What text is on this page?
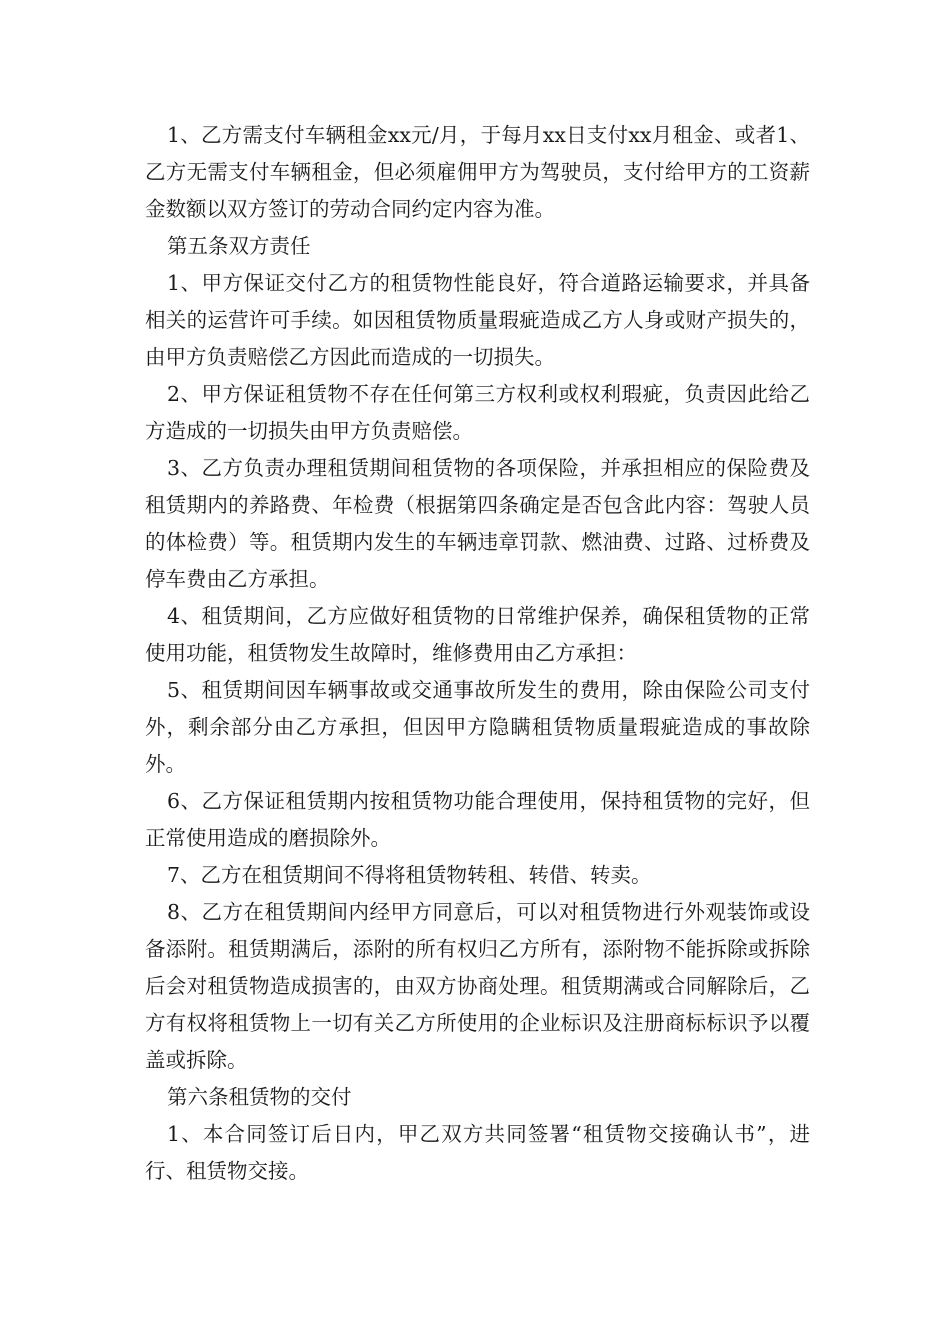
1、乙方需支付车辆租金xx元/月，于每月xx日支付xx月租金、或者1、乙方无需支付车辆租金，但必须雇佣甲方为驾驶员，支付给甲方的工资薪金数额以双方签订的劳动合同约定内容为准。

第五条双方责任

1、甲方保证交付乙方的租赁物性能良好，符合道路运输要求，并具备相关的运营许可手续。如因租赁物质量瑕疵造成乙方人身或财产损失的，由甲方负责赔偿乙方因此而造成的一切损失。

2、甲方保证租赁物不存在任何第三方权利或权利瑕疵，负责因此给乙方造成的一切损失由甲方负责赔偿。

3、乙方负责办理租赁期间租赁物的各项保险，并承担相应的保险费及租赁期内的养路费、年检费（根据第四条确定是否包含此内容：驾驶人员的体检费）等。租赁期内发生的车辆违章罚款、燃油费、过路、过桥费及停车费由乙方承担。

4、租赁期间，乙方应做好租赁物的日常维护保养，确保租赁物的正常使用功能，租赁物发生故障时，维修费用由乙方承担：

5、租赁期间因车辆事故或交通事故所发生的费用，除由保险公司支付外，剩余部分由乙方承担，但因甲方隐瞒租赁物质量瑕疵造成的事故除外。

6、乙方保证租赁期内按租赁物功能合理使用，保持租赁物的完好，但正常使用造成的磨损除外。

7、乙方在租赁期间不得将租赁物转租、转借、转卖。

8、乙方在租赁期间内经甲方同意后，可以对租赁物进行外观装饰或设备添附。租赁期满后，添附的所有权归乙方所有，添附物不能拆除或拆除后会对租赁物造成损害的，由双方协商处理。租赁期满或合同解除后，乙方有权将租赁物上一切有关乙方所使用的企业标识及注册商标标识予以覆盖或拆除。

第六条租赁物的交付

1、本合同签订后日内，甲乙双方共同签署“租赁物交接确认书”，进行、租赁物交接。
